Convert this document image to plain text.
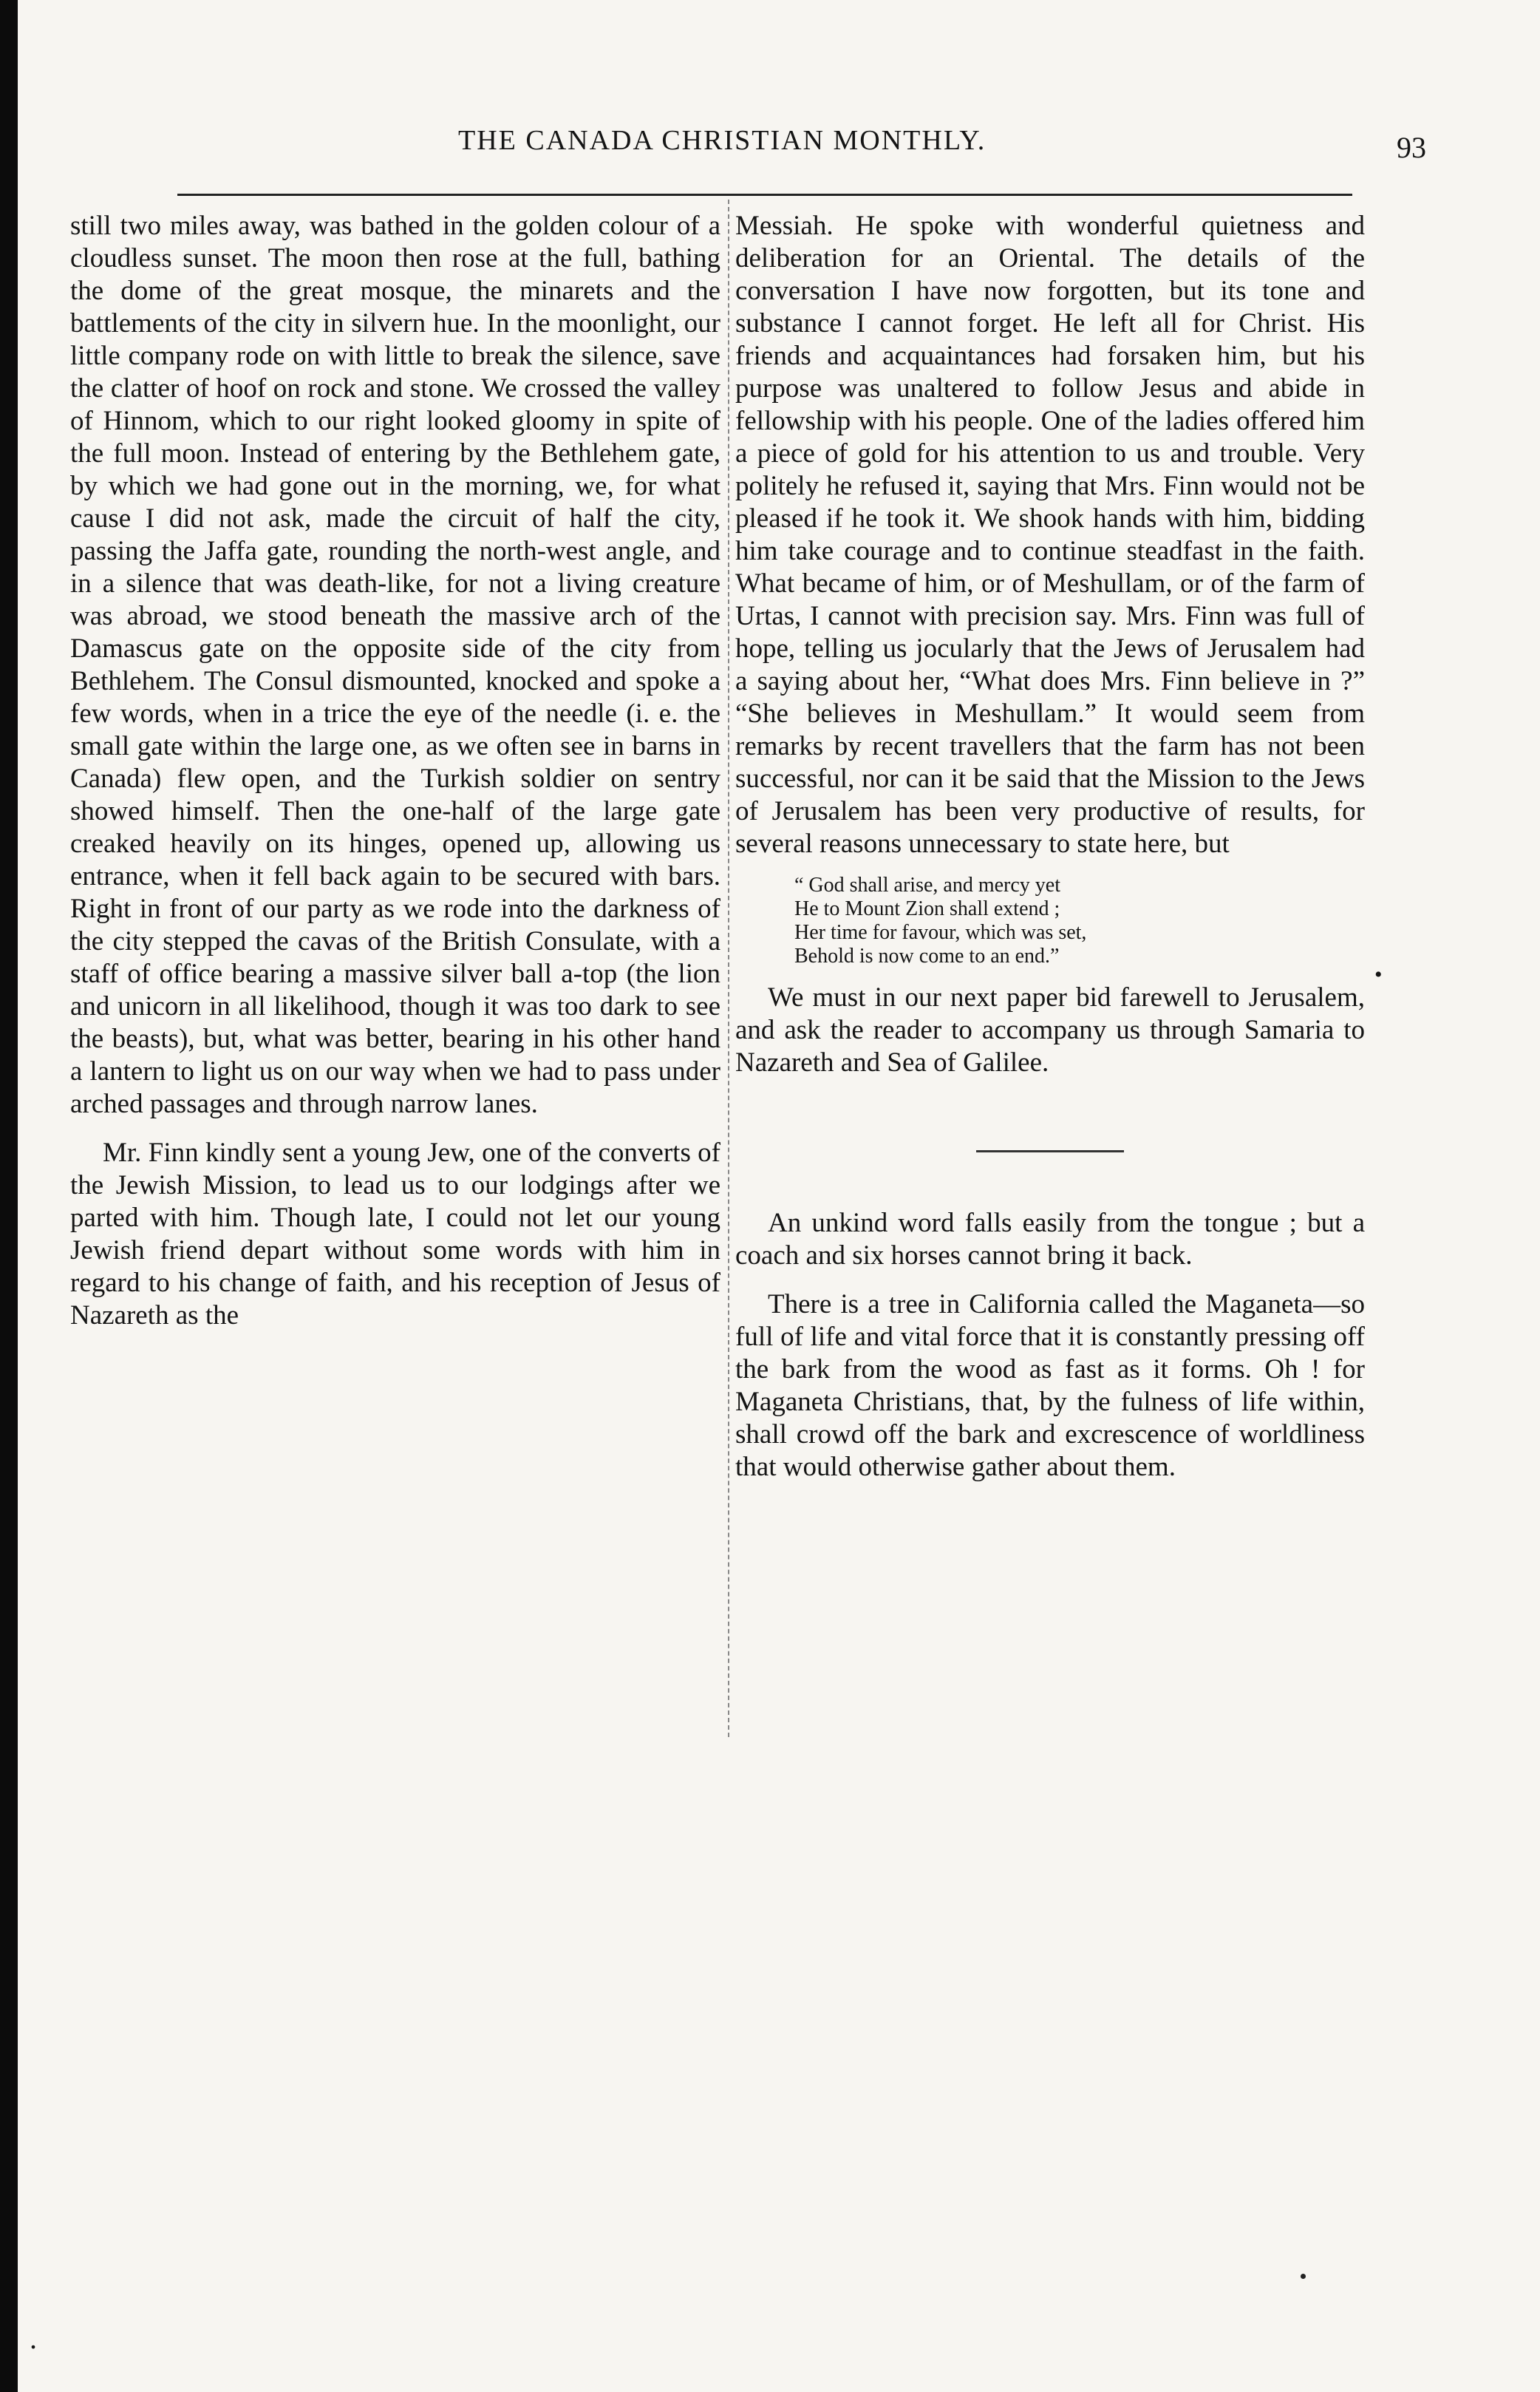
THE CANADA CHRISTIAN MONTHLY.	93

still two miles away, was bathed in the golden colour of a cloudless sunset. The moon then rose at the full, bathing the dome of the great mosque, the minarets and the battlements of the city in silvern hue. In the moonlight, our little company rode on with little to break the silence, save the clatter of hoof on rock and stone. We crossed the valley of Hinnom, which to our right looked gloomy in spite of the full moon. Instead of entering by the Bethlehem gate, by which we had gone out in the morning, we, for what cause I did not ask, made the circuit of half the city, passing the Jaffa gate, rounding the north-west angle, and in a silence that was death-like, for not a living creature was abroad, we stood beneath the massive arch of the Damascus gate on the opposite side of the city from Bethlehem. The Consul dismounted, knocked and spoke a few words, when in a trice the eye of the needle (i. e. the small gate within the large one, as we often see in barns in Canada) flew open, and the Turkish soldier on sentry showed himself. Then the one-half of the large gate creaked heavily on its hinges, opened up, allowing us entrance, when it fell back again to be secured with bars. Right in front of our party as we rode into the darkness of the city stepped the cavas of the British Consulate, with a staff of office bearing a massive silver ball a-top (the lion and unicorn in all likelihood, though it was too dark to see the beasts), but, what was better, bearing in his other hand a lantern to light us on our way when we had to pass under arched passages and through narrow lanes.

Mr. Finn kindly sent a young Jew, one of the converts of the Jewish Mission, to lead us to our lodgings after we parted with him. Though late, I could not let our young Jewish friend depart without some words with him in regard to his change of faith, and his reception of Jesus of Nazareth as the

Messiah. He spoke with wonderful quietness and deliberation for an Oriental. The details of the conversation I have now forgotten, but its tone and substance I cannot forget. He left all for Christ. His friends and acquaintances had forsaken him, but his purpose was unaltered to follow Jesus and abide in fellowship with his people. One of the ladies offered him a piece of gold for his attention to us and trouble. Very politely he refused it, saying that Mrs. Finn would not be pleased if he took it. We shook hands with him, bidding him take courage and to continue steadfast in the faith. What became of him, or of Meshullam, or of the farm of Urtas, I cannot with precision say. Mrs. Finn was full of hope, telling us jocularly that the Jews of Jerusalem had a saying about her, “What does Mrs. Finn believe in ?” “She believes in Meshullam.” It would seem from remarks by recent travellers that the farm has not been successful, nor can it be said that the Mission to the Jews of Jerusalem has been very productive of results, for several reasons unnecessary to state here, but

“ God shall arise, and mercy yet
He to Mount Zion shall extend ;
Her time for favour, which was set,
Behold is now come to an end.”

We must in our next paper bid farewell to Jerusalem, and ask the reader to accompany us through Samaria to Nazareth and Sea of Galilee.

An unkind word falls easily from the tongue ; but a coach and six horses cannot bring it back.

There is a tree in California called the Maganeta—so full of life and vital force that it is constantly pressing off the bark from the wood as fast as it forms. Oh ! for Maganeta Christians, that, by the fulness of life within, shall crowd off the bark and excrescence of worldliness that would otherwise gather about them.

•
.
